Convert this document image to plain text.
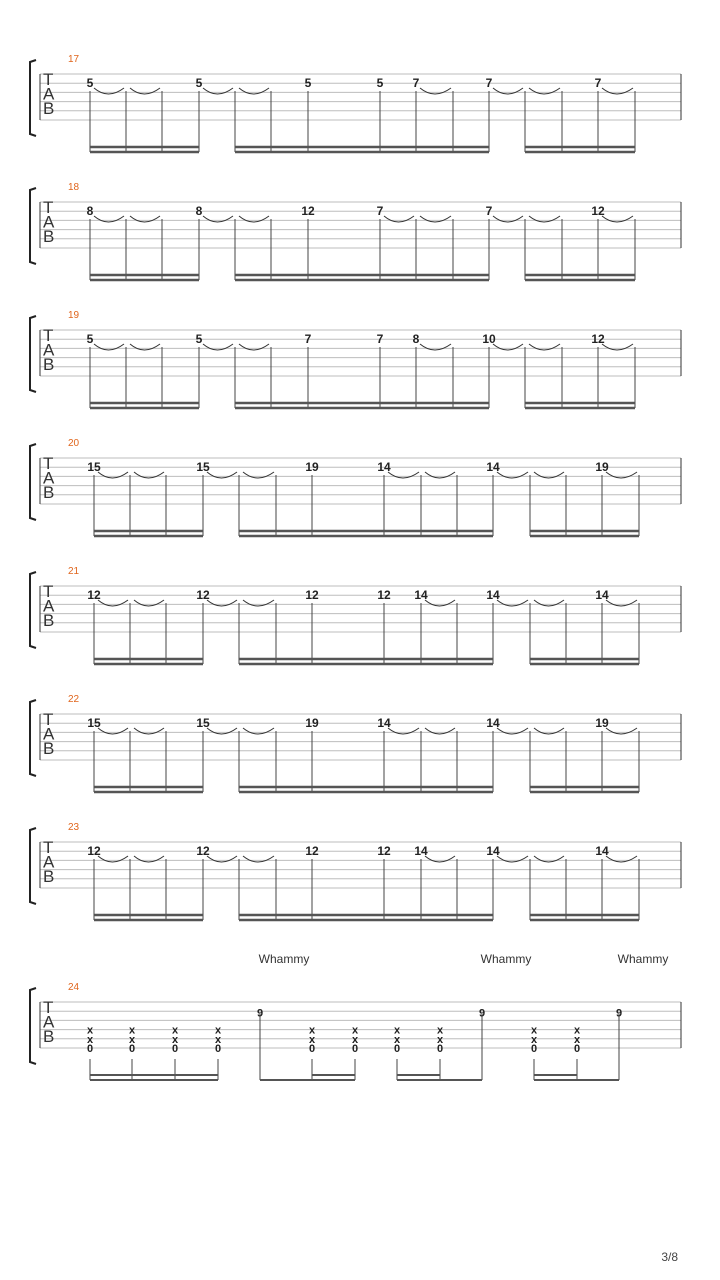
17
T
A
B
5	5	5	5 7	7	7
18
T
A
B
8	8	12	7	7	12
19
T
A
B
5	5	7	7 8	10	12
20
T
A
B
15	15	19	14	14	19
21
T
A
B
12	12	12	12 14	14	14
22
T
A
B
15	15	19	14	14	19
23
T
A
B
12	12	12	12 14	14	14
24
T
A
B
Whammy	Whammy	Whammy
x
x
0
x
x
0
x
x
0
x
x
0
9
x
x
0
x
x
0
x
x
0
x
x
0
9
x
x
0
x
x
0
9
3/8
